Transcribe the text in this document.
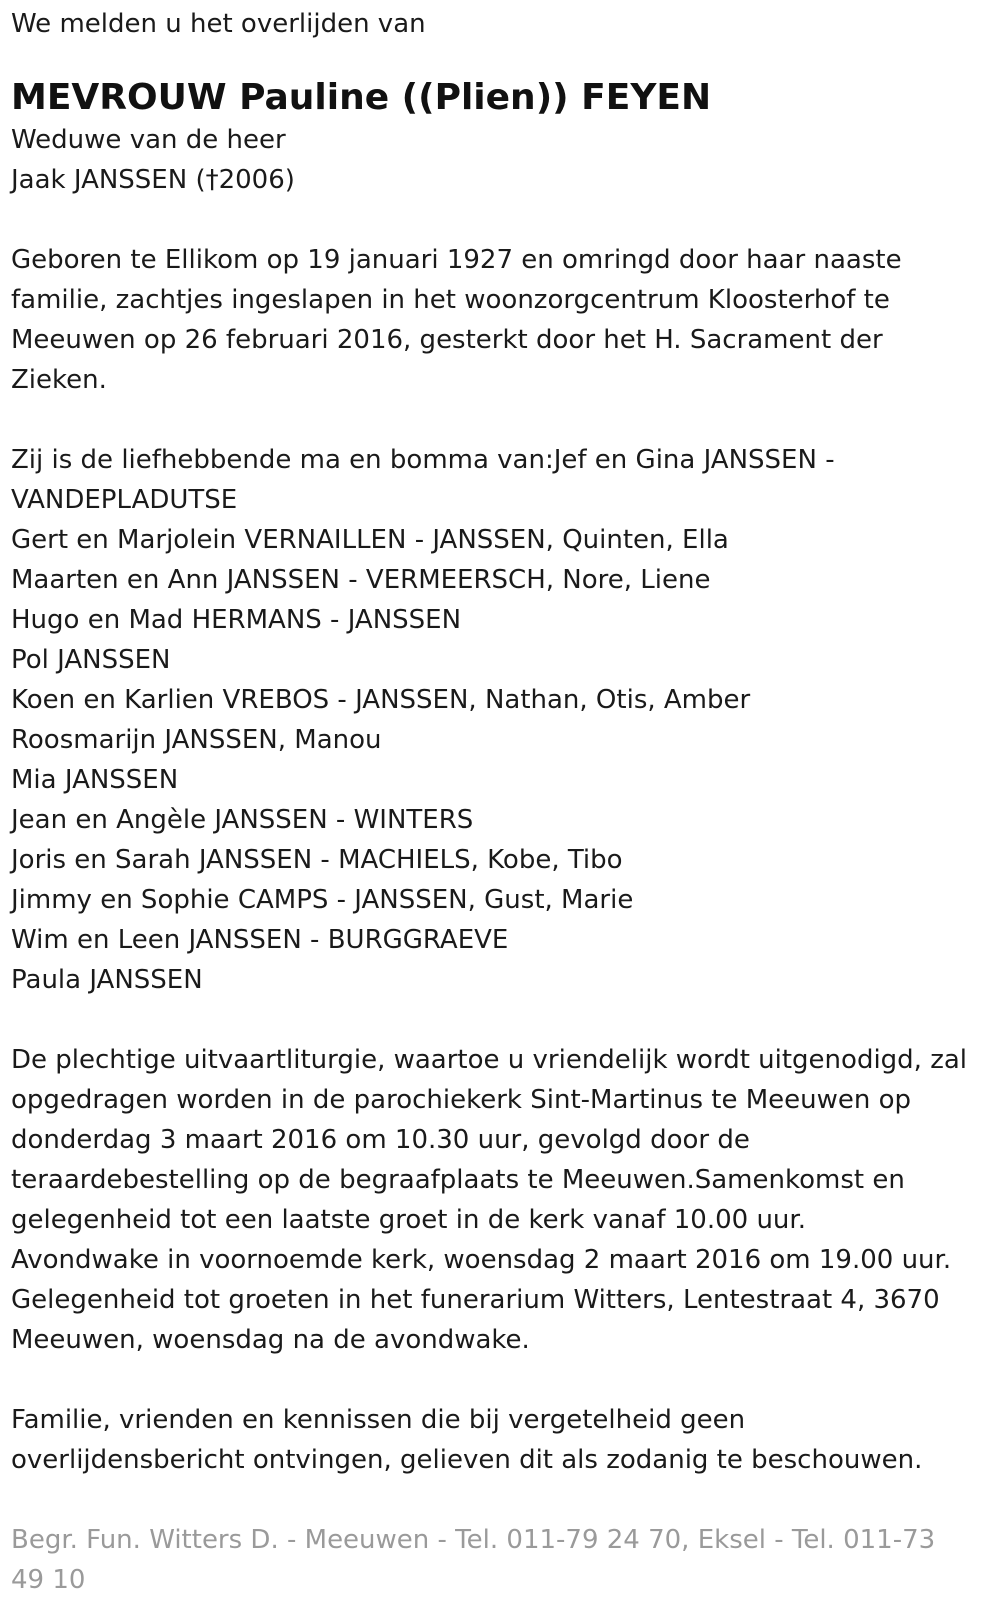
We melden u het overlijden van

MEVROUW Pauline ((Plien)) FEYEN

Weduwe van de heer

Jaak JANSSEN (†2006)

Geboren te Ellikom op 19 januari 1927 en omringd door haar naaste familie, zachtjes ingeslapen in het woonzorgcentrum Kloosterhof te Meeuwen op 26 februari 2016, gesterkt door het H. Sacrament der Zieken.

Zij is de liefhebbende ma en bomma van:Jef en Gina JANSSEN -VANDEPLADUTSE

Gert en Marjolein VERNAILLEN - JANSSEN, Quinten, Ella

Maarten en Ann JANSSEN - VERMEERSCH, Nore, Liene

Hugo en Mad HERMANS - JANSSEN

Pol JANSSEN

Koen en Karlien VREBOS - JANSSEN, Nathan, Otis, Amber

Roosmarijn JANSSEN, Manou

Mia JANSSEN

Jean en Angèle JANSSEN - WINTERS

Joris en Sarah JANSSEN - MACHIELS, Kobe, Tibo

Jimmy en Sophie CAMPS - JANSSEN, Gust, Marie

Wim en Leen JANSSEN - BURGGRAEVE

Paula JANSSEN

De plechtige uitvaartliturgie, waartoe u vriendelijk wordt uitgenodigd, zal opgedragen worden in de parochiekerk Sint-Martinus te Meeuwen op donderdag 3 maart 2016 om 10.30 uur, gevolgd door de teraardebestelling op de begraafplaats te Meeuwen.Samenkomst en gelegenheid tot een laatste groet in de kerk vanaf 10.00 uur.

Avondwake in voornoemde kerk, woensdag 2 maart 2016 om 19.00 uur.

Gelegenheid tot groeten in het funerarium Witters, Lentestraat 4, 3670 Meeuwen, woensdag na de avondwake.

Familie, vrienden en kennissen die bij vergetelheid geen overlijdensbericht ontvingen, gelieven dit als zodanig te beschouwen.

Begr. Fun. Witters D. - Meeuwen - Tel. 011-79 24 70, Eksel - Tel. 011-73 49 10
